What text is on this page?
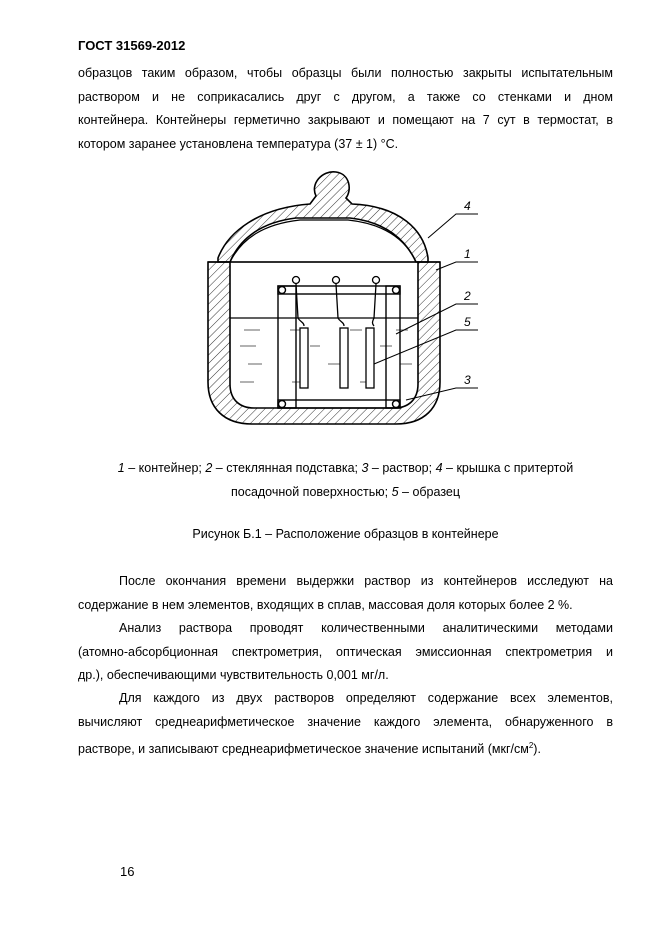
ГОСТ 31569-2012
образцов таким образом, чтобы образцы были полностью закрыты испытательным
раствором и не соприкасались друг с другом, а также со стенками и дном
контейнера. Контейнеры герметично закрывают и помещают на 7 сут в термостат, в
котором заранее установлена температура (37 ± 1) °С.
4
1
2
5
3
1 – контейнер; 2 – стеклянная подставка; 3 – раствор; 4 – крышка с притертой
посадочной поверхностью; 5 – образец
Рисунок Б.1 – Расположение образцов в контейнере
После окончания времени выдержки раствор из контейнеров исследуют на
содержание в нем элементов, входящих в сплав, массовая доля которых более 2 %.
Анализ раствора проводят количественными аналитическими методами
(атомно-абсорбционная спектрометрия, оптическая эмиссионная спектрометрия и
др.), обеспечивающими чувствительность 0,001 мг/л.
Для каждого из двух растворов определяют содержание всех элементов,
вычисляют среднеарифметическое значение каждого элемента, обнаруженного в
растворе, и записывают среднеарифметическое значение испытаний $(мкг/см^2)$.
16
